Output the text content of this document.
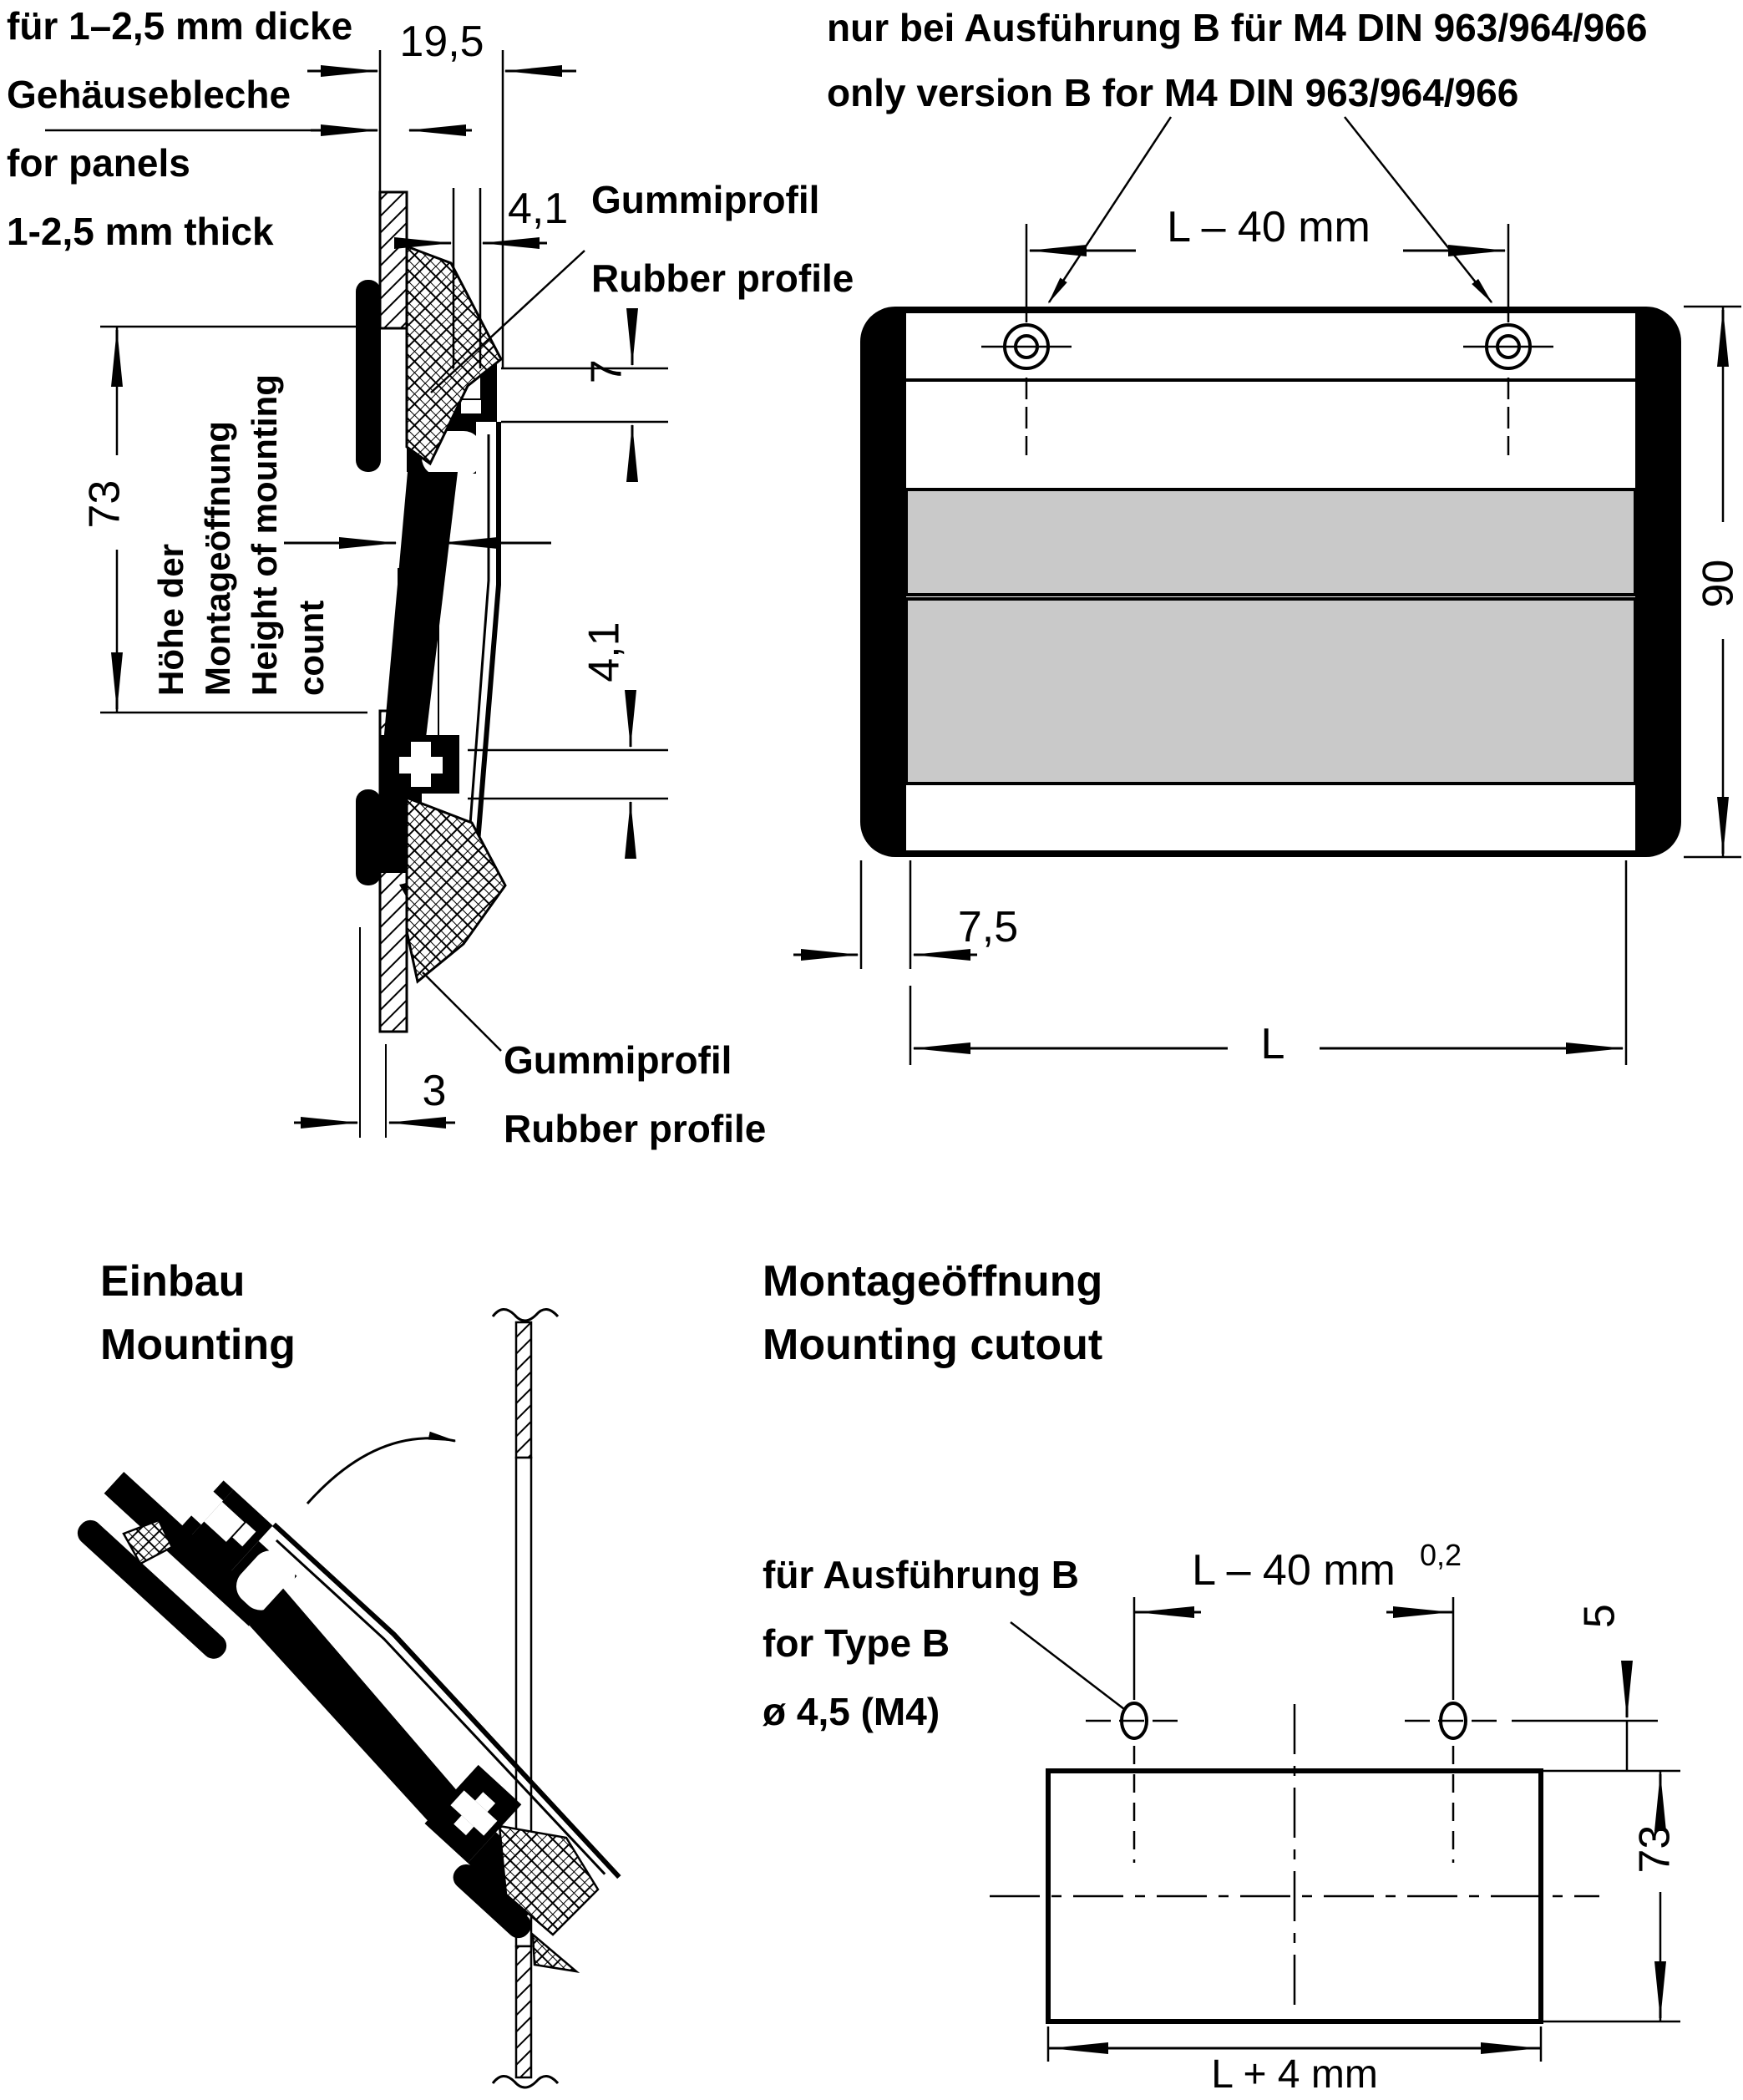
für 1–2,5 mm dicke
Gehäusebleche
for panels
1-2,5 mm thick
19,5
4,1 Gummiprofil
Rubber profile
7
7
4,1
73
Höhe der Montageöffnung Height of mounting count
3
Gummiprofil
Rubber profile
nur bei Ausführung B für M4 DIN 963/964/966
only version B for M4 DIN 963/964/966
L – 40 mm
90
7,5
L
Einbau
Mounting
Montageöffnung
Mounting cutout
für Ausführung B
for Type B
ø 4,5 (M4)
L – 40 mm 0,2
5
73
L + 4 mm
